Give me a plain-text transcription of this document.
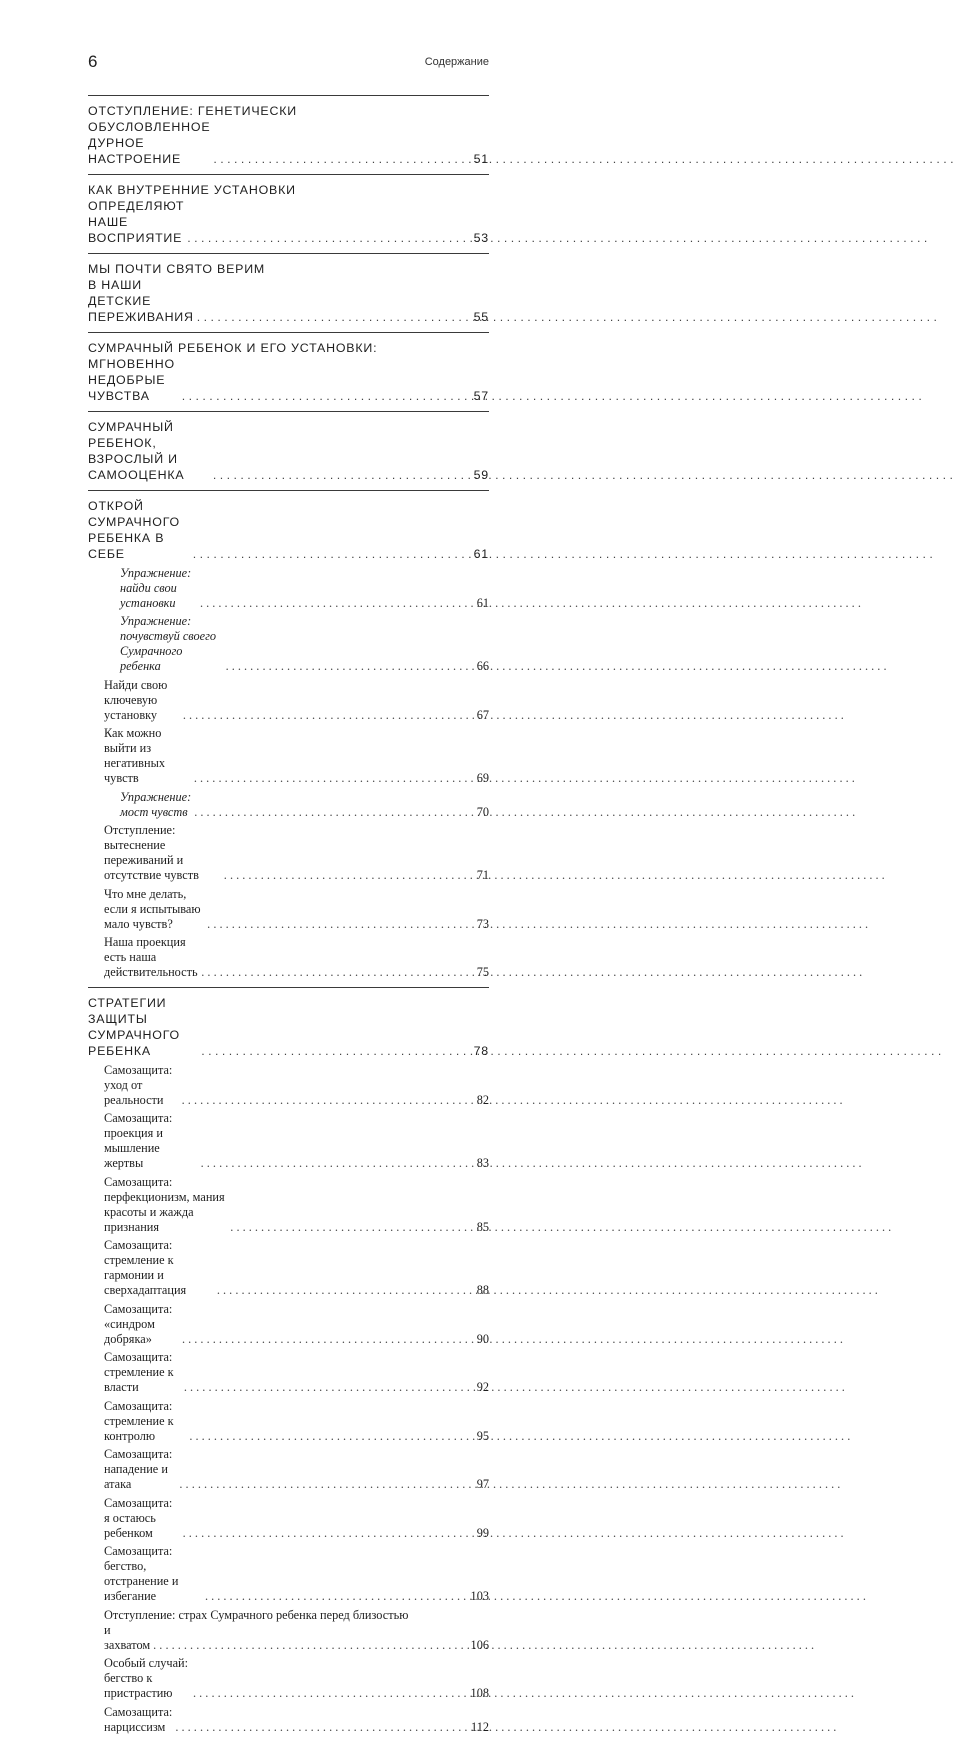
6	Содержание
ОТСТУПЛЕНИЕ: ГЕНЕТИЧЕСКИ
ОБУСЛОВЛЕННОЕ ДУРНОЕ НАСТРОЕНИЕ . . .	51
КАК ВНУТРЕННИЕ УСТАНОВКИ
ОПРЕДЕЛЯЮТ НАШЕ ВОСПРИЯТИЕ . . .	53
МЫ ПОЧТИ СВЯТО ВЕРИМ
В НАШИ ДЕТСКИЕ ПЕРЕЖИВАНИЯ . . .	55
СУМРАЧНЫЙ РЕБЕНОК И ЕГО УСТАНОВКИ:
МГНОВЕННО НЕДОБРЫЕ ЧУВСТВА . . .	57
СУМРАЧНЫЙ РЕБЕНОК, ВЗРОСЛЫЙ И САМООЦЕНКА . . .	59
ОТКРОЙ СУМРАЧНОГО РЕБЕНКА В СЕБЕ . . .	61
Упражнение: найди свои установки . . .	61
Упражнение: почувствуй своего Сумрачного ребенка . . .	66
Найди свою ключевую установку . . .	67
Как можно выйти из негативных чувств . . .	69
Упражнение: мост чувств . . .	70
Отступление: вытеснение переживаний и отсутствие чувств . . .	71
Что мне делать, если я испытываю мало чувств? . . .	73
Наша проекция есть наша действительность . . .	75
СТРАТЕГИИ ЗАЩИТЫ СУМРАЧНОГО РЕБЕНКА . . .	78
Самозащита: уход от реальности . . .	82
Самозащита: проекция и мышление жертвы . . .	83
Самозащита: перфекционизм, мания красоты и жажда признания . . .	85
Самозащита: стремление к гармонии и сверхадаптация . . .	88
Самозащита: «синдром добряка» . . .	90
Самозащита: стремление к власти . . .	92
Самозащита: стремление к контролю . . .	95
Самозащита: нападение и атака . . .	97
Самозащита: я остаюсь ребенком . . .	99
Самозащита: бегство, отстранение и избегание . . .	103
Отступление: страх Сумрачного ребенка перед близостью
и захватом . . .	106
Особый случай: бегство к пристрастию . . .	108
Самозащита: нарциссизм . . .	112
